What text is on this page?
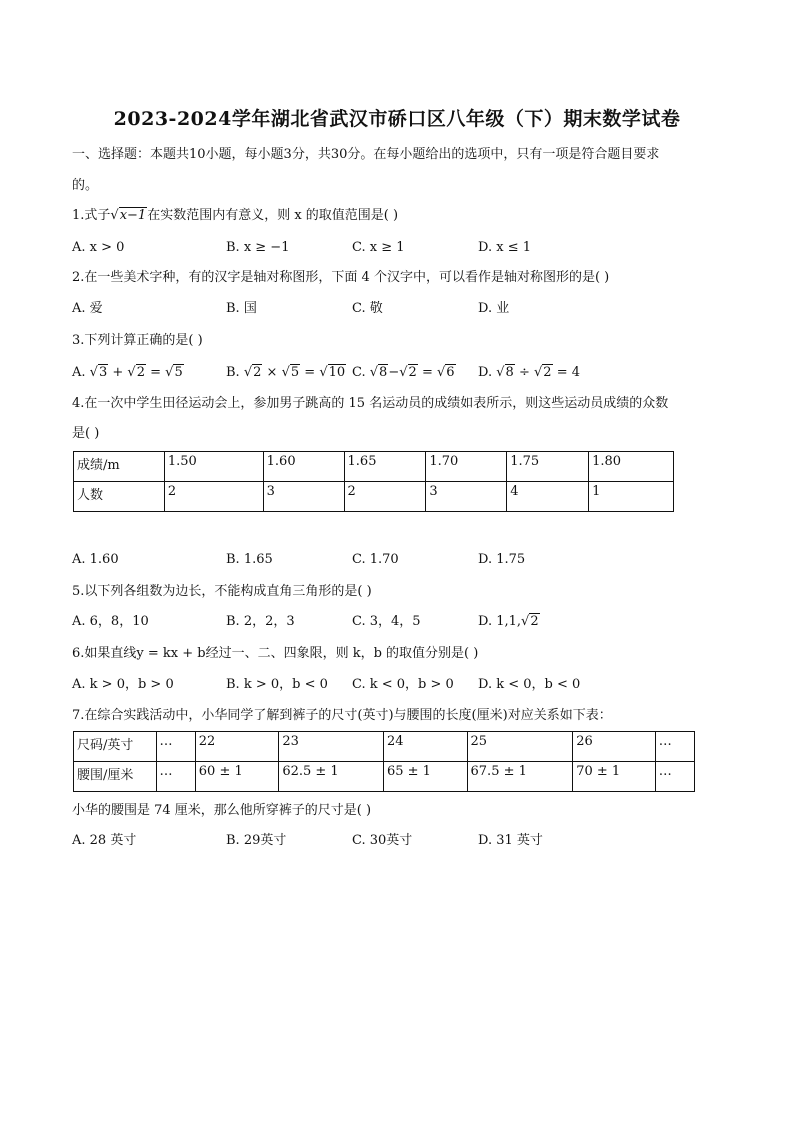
2023-2024学年湖北省武汉市硚口区八年级（下）期末数学试卷
一、选择题：本题共10小题，每小题3分，共30分。在每小题给出的选项中，只有一项是符合题目要求
的。
1.式子√x−1在实数范围内有意义，则 x 的取值范围是( )
A. x > 0	B. x ≥ −1	C. x ≥ 1	D. x ≤ 1
2.在一些美术字种，有的汉字是轴对称图形，下面 4 个汉字中，可以看作是轴对称图形的是( )
A. 爱	B. 国	C. 敬	D. 业
3.下列计算正确的是( )
A. √3 + √2 = √5	B. √2 × √5 = √10 C. √8−√2 = √6 D. √8 ÷ √2 = 4
4.在一次中学生田径运动会上，参加男子跳高的 15 名运动员的成绩如表所示，则这些运动员成绩的众数
是( )
成绩/m	1.50	1.60	1.65	1.70	1.75	1.80
人数	2	3	2	3	4	1
A. 1.60	B. 1.65	C. 1.70	D. 1.75
5.以下列各组数为边长，不能构成直角三角形的是( )
A. 6，8，10	B. 2，2，3	C. 3，4，5	D. 1,1,√2
6.如果直线y = kx + b经过一、二、四象限，则 k，b 的取值分别是( )
A. k > 0，b > 0	B. k > 0，b < 0 C. k < 0，b > 0 D. k < 0，b < 0
7.在综合实践活动中，小华同学了解到裤子的尺寸(英寸)与腰围的长度(厘米)对应关系如下表：
尺码/英寸	…	22	23	24	25	26	…
腰围/厘米	…	60 ± 1	62.5 ± 1	65 ± 1	67.5 ± 1	70 ± 1	…
小华的腰围是 74 厘米，那么他所穿裤子的尺寸是( )
A. 28 英寸	B. 29英寸	C. 30英寸	D. 31 英寸
